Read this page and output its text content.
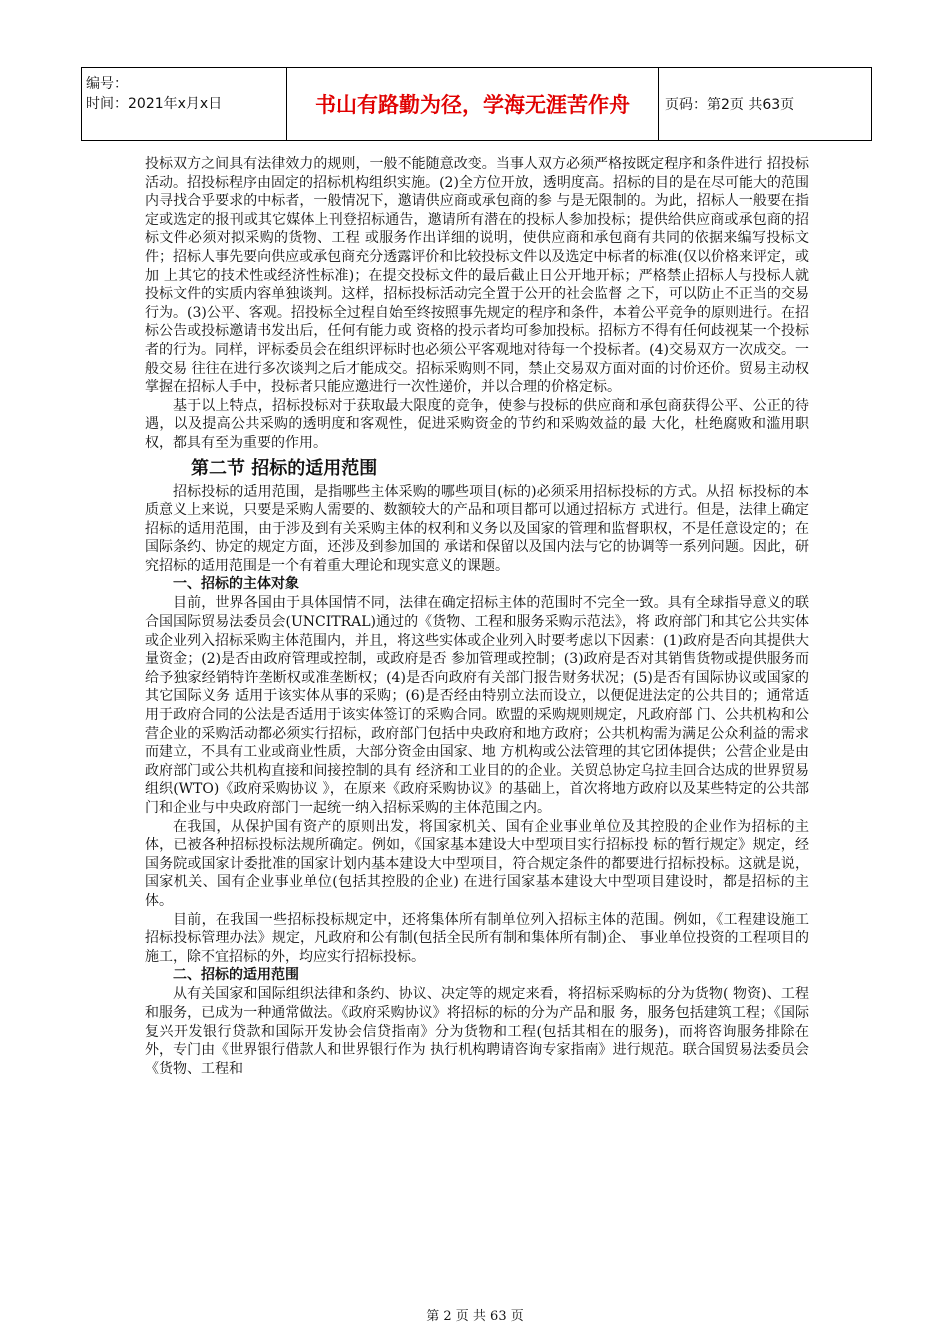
编号：
时间：2021年x月x日	书山有路勤为径，学海无涯苦作舟	页码：第2页 共63页

投标双方之间具有法律效力的规则，一般不能随意改变。当事人双方必须严格按既定程序和条件进行 招投标活动。招投标程序由固定的招标机构组织实施。(2)全方位开放，透明度高。招标的目的是在尽可能大的范围内寻找合乎要求的中标者，一般情况下，邀请供应商或承包商的参 与是无限制的。为此，招标人一般要在指定或选定的报刊或其它媒体上刊登招标通告，邀请所有潜在的投标人参加投标；提供给供应商或承包商的招标文件必须对拟采购的货物、工程 或服务作出详细的说明，使供应商和承包商有共同的依据来编写投标文件；招标人事先要向供应或承包商充分透露评价和比较投标文件以及选定中标者的标准(仅以价格来评定，或加 上其它的技术性或经济性标准)；在提交投标文件的最后截止日公开地开标；严格禁止招标人与投标人就投标文件的实质内容单独谈判。这样，招标投标活动完全置于公开的社会监督 之下，可以防止不正当的交易行为。(3)公平、客观。招投标全过程自始至终按照事先规定的程序和条件，本着公平竞争的原则进行。在招标公告或投标邀请书发出后，任何有能力或 资格的投示者均可参加投标。招标方不得有任何歧视某一个投标者的行为。同样，评标委员会在组织评标时也必须公平客观地对待每一个投标者。(4)交易双方一次成交。一般交易 往往在进行多次谈判之后才能成交。招标采购则不同，禁止交易双方面对面的讨价还价。贸易主动权掌握在招标人手中，投标者只能应邀进行一次性递价，并以合理的价格定标。

基于以上特点，招标投标对于获取最大限度的竞争，使参与投标的供应商和承包商获得公平、公正的待遇，以及提高公共采购的透明度和客观性，促进采购资金的节约和采购效益的最 大化，杜绝腐败和滥用职权，都具有至为重要的作用。

第二节 招标的适用范围

招标投标的适用范围，是指哪些主体采购的哪些项目(标的)必须采用招标投标的方式。从招 标投标的本质意义上来说，只要是采购人需要的、数额较大的产品和项目都可以通过招标方 式进行。但是，法律上确定招标的适用范围，由于涉及到有关采购主体的权利和义务以及国家的管理和监督职权，不是任意设定的；在国际条约、协定的规定方面，还涉及到参加国的 承诺和保留以及国内法与它的协调等一系列问题。因此，研究招标的适用范围是一个有着重大理论和现实意义的课题。

一、招标的主体对象

目前，世界各国由于具体国情不同，法律在确定招标主体的范围时不完全一致。具有全球指导意义的联合国国际贸易法委员会(UNCITRAL)通过的《货物、工程和服务采购示范法》，将 政府部门和其它公共实体或企业列入招标采购主体范围内，并且，将这些实体或企业列入时要考虑以下因素：(1)政府是否向其提供大量资金；(2)是否由政府管理或控制，或政府是否 参加管理或控制；(3)政府是否对其销售货物或提供服务而给予独家经销特许垄断权或准垄断权；(4)是否向政府有关部门报告财务状况；(5)是否有国际协议或国家的其它国际义务 适用于该实体从事的采购；(6)是否经由特别立法而设立，以便促进法定的公共目的；通常适用于政府合同的公法是否适用于该实体签订的采购合同。欧盟的采购规则规定，凡政府部 门、公共机构和公营企业的采购活动都必须实行招标，政府部门包括中央政府和地方政府；公共机构需为满足公众利益的需求而建立，不具有工业或商业性质，大部分资金由国家、地 方机构或公法管理的其它团体提供；公营企业是由政府部门或公共机构直接和间接控制的具有 经济和工业目的的企业。关贸总协定乌拉圭回合达成的世界贸易组织(WTO)《政府采购协议 》，在原来《政府采购协议》的基础上，首次将地方政府以及某些特定的公共部门和企业与中央政府部门一起统一纳入招标采购的主体范围之内。

在我国，从保护国有资产的原则出发，将国家机关、国有企业事业单位及其控股的企业作为招标的主体，已被各种招标投标法规所确定。例如，《国家基本建设大中型项目实行招标投 标的暂行规定》规定，经国务院或国家计委批准的国家计划内基本建设大中型项目，符合规定条件的都要进行招标投标。这就是说，国家机关、国有企业事业单位(包括其控股的企业) 在进行国家基本建设大中型项目建设时，都是招标的主体。

目前，在我国一些招标投标规定中，还将集体所有制单位列入招标主体的范围。例如，《工程建设施工招标投标管理办法》规定，凡政府和公有制(包括全民所有制和集体所有制)企、 事业单位投资的工程项目的施工，除不宜招标的外，均应实行招标投标。

二、招标的适用范围

从有关国家和国际组织法律和条约、协议、决定等的规定来看，将招标采购标的分为货物( 物资)、工程和服务，已成为一种通常做法。《政府采购协议》将招标的标的分为产品和服 务，服务包括建筑工程；《国际复兴开发银行贷款和国际开发协会信贷指南》分为货物和工程(包括其相在的服务)，而将咨询服务排除在外，专门由《世界银行借款人和世界银行作为 执行机构聘请咨询专家指南》进行规范。联合国贸易法委员会《货物、工程和

第 2 页 共 63 页
